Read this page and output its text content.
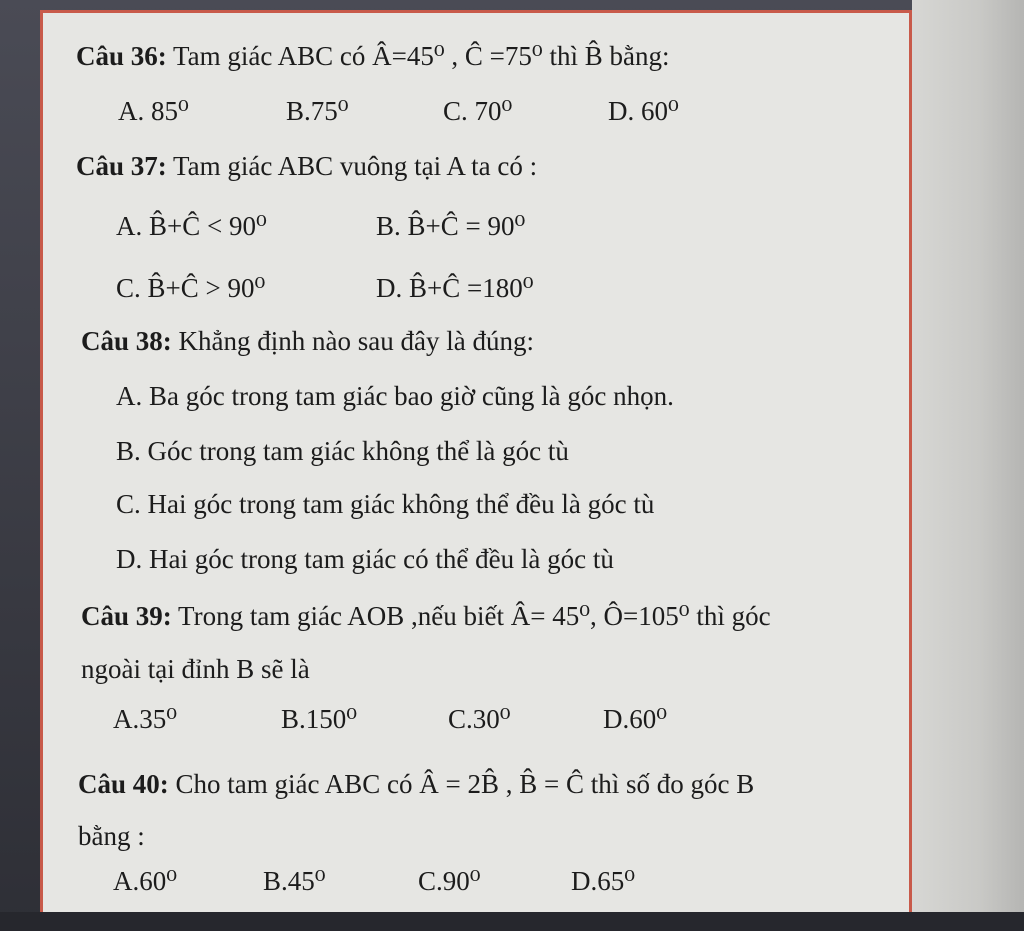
Câu 36: Tam giác ABC có Â=45⁰ , Ĉ =75⁰ thì B̂ bằng:
A. 85⁰	B.75⁰	C. 70⁰	D. 60⁰
Câu 37: Tam giác ABC vuông tại A ta có :
A. B̂+Ĉ < 90⁰	B. B̂+Ĉ = 90⁰
C. B̂+Ĉ > 90⁰	D. B̂+Ĉ =180⁰
Câu 38: Khẳng định nào sau đây là đúng:
A. Ba góc trong tam giác bao giờ cũng là góc nhọn.
B. Góc trong tam giác không thể là góc tù
C. Hai góc trong tam giác không thể đều là góc tù
D. Hai góc trong tam giác có thể đều là góc tù
Câu 39: Trong tam giác AOB ,nếu biết Â= 45⁰, Ô=105⁰ thì góc
ngoài tại đỉnh B sẽ là
A.35⁰	B.150⁰	C.30⁰	D.60⁰
Câu 40: Cho tam giác ABC có Â = 2B̂ , B̂ = Ĉ thì số đo góc B
bằng :
A.60⁰	B.45⁰	C.90⁰	D.65⁰
